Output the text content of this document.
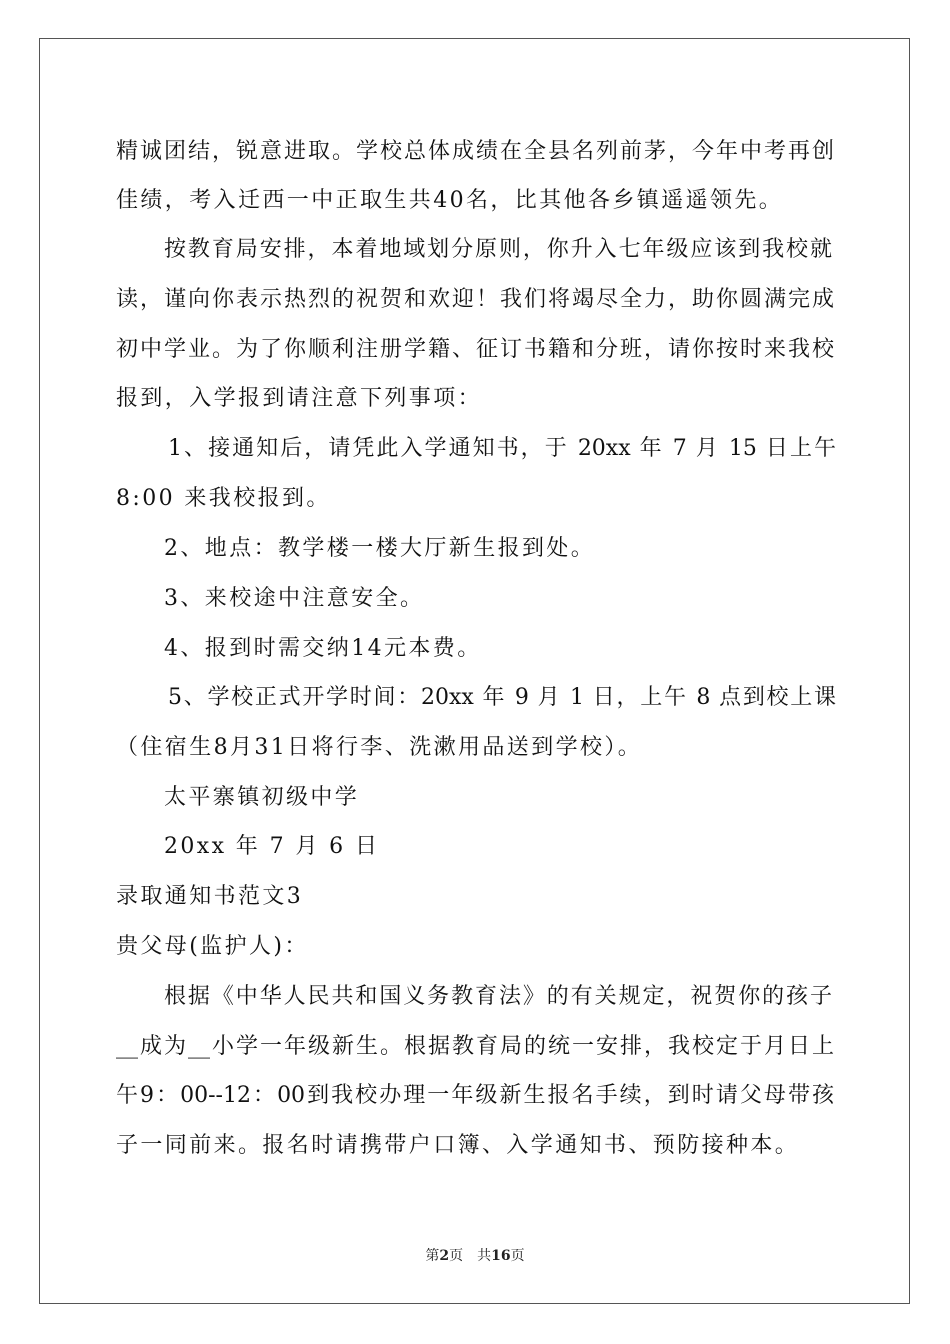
精诚团结，锐意进取。学校总体成绩在全县名列前茅，今年中考再创
佳绩，考入迁西一中正取生共40名，比其他各乡镇遥遥领先。
按教育局安排，本着地域划分原则，你升入七年级应该到我校就
读，谨向你表示热烈的祝贺和欢迎！我们将竭尽全力，助你圆满完成
初中学业。为了你顺利注册学籍、征订书籍和分班，请你按时来我校
报到，入学报到请注意下列事项：
1、接通知后，请凭此入学通知书，于 20xx 年 7 月 15 日上午
8:00 来我校报到。
2、地点：教学楼一楼大厅新生报到处。
3、来校途中注意安全。
4、报到时需交纳14元本费。
5、学校正式开学时间：20xx 年 9 月 1 日，上午 8 点到校上课
（住宿生8月31日将行李、洗漱用品送到学校）。
太平寨镇初级中学
20xx 年 7 月 6 日
录取通知书范文3
贵父母(监护人)：
根据《中华人民共和国义务教育法》的有关规定，祝贺你的孩子
__成为__小学一年级新生。根据教育局的统一安排，我校定于月日上
午9：00--12：00到我校办理一年级新生报名手续，到时请父母带孩
子一同前来。报名时请携带户口簿、入学通知书、预防接种本。
第2页 共16页
